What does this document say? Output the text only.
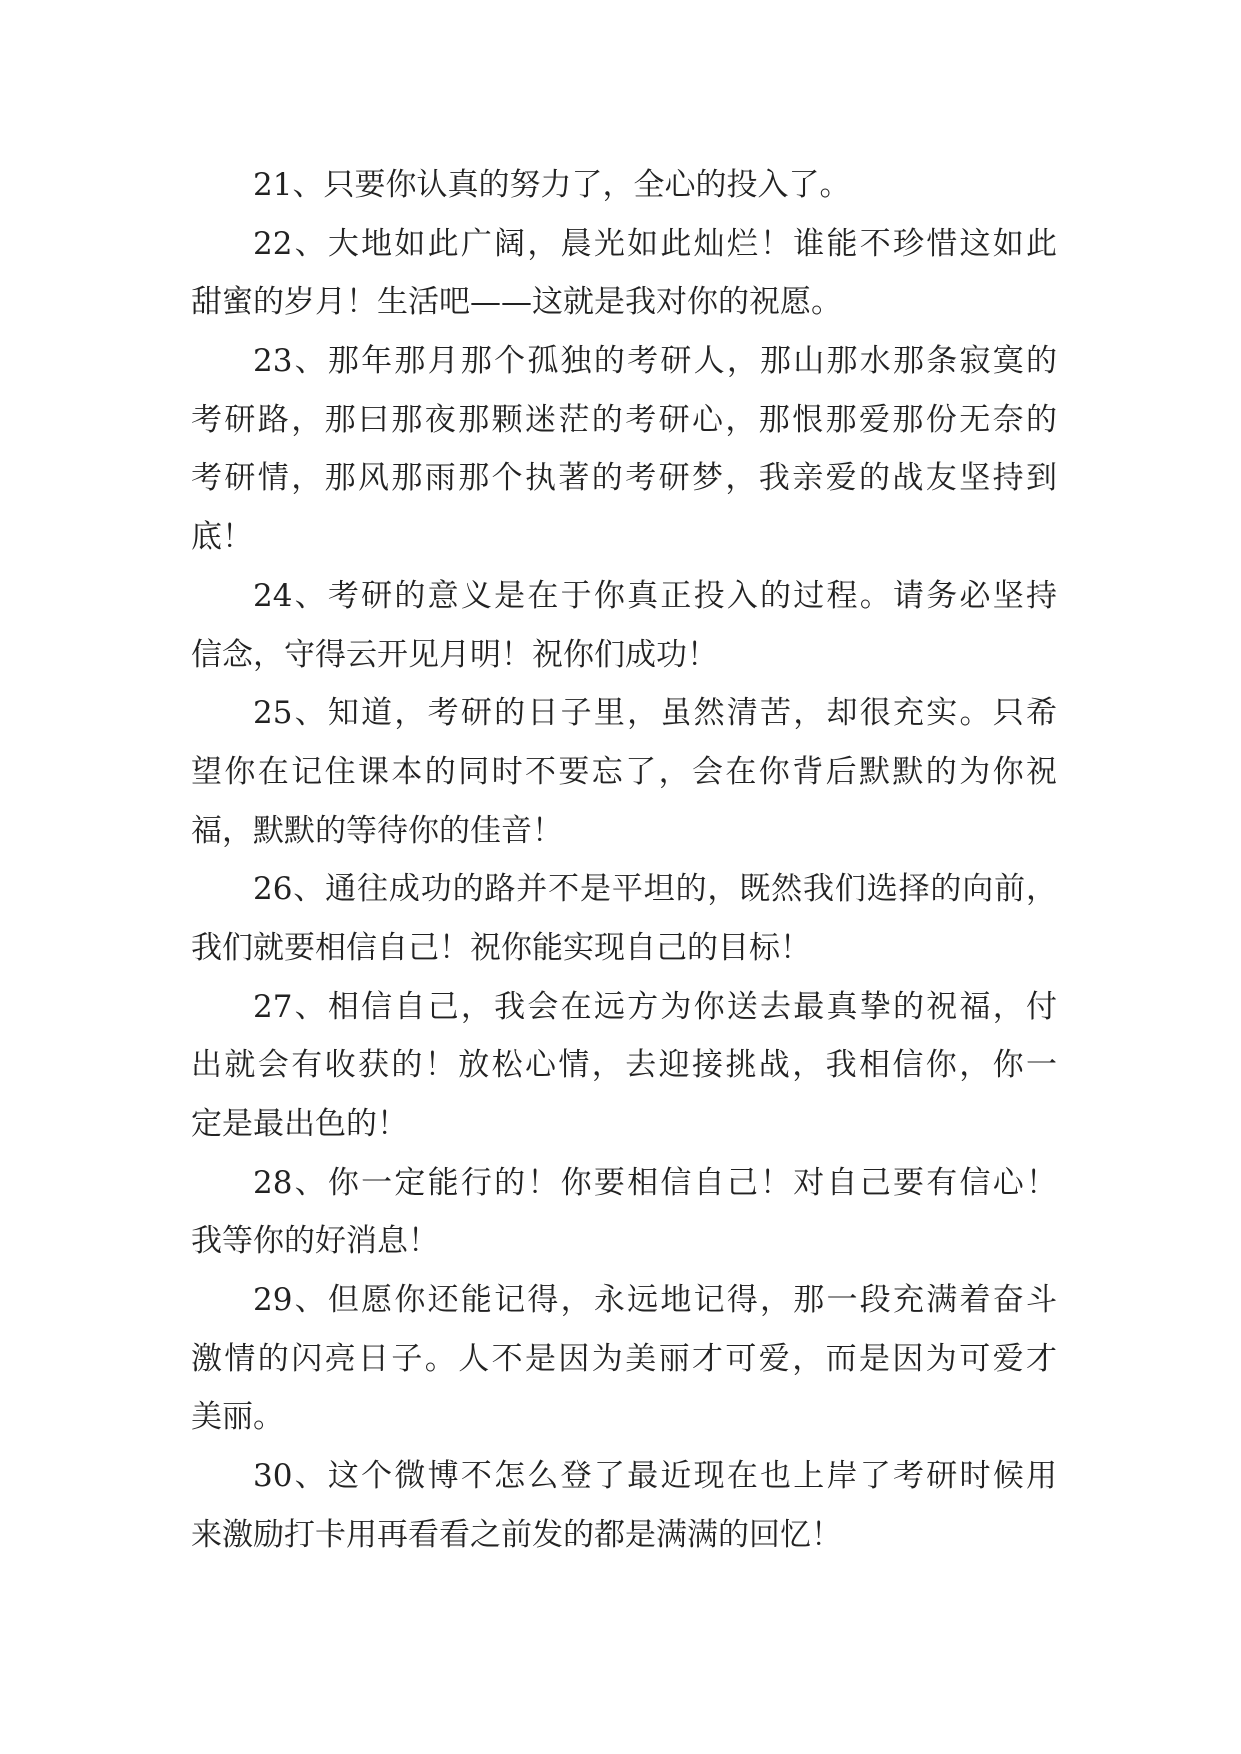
21、只要你认真的努力了，全心的投入了。
22、大地如此广阔，晨光如此灿烂！谁能不珍惜这如此
甜蜜的岁月！生活吧——这就是我对你的祝愿。
23、那年那月那个孤独的考研人，那山那水那条寂寞的
考研路，那曰那夜那颗迷茫的考研心，那恨那爱那份无奈的
考研情，那风那雨那个执著的考研梦，我亲爱的战友坚持到
底！
24、考研的意义是在于你真正投入的过程。请务必坚持
信念，守得云开见月明！祝你们成功！
25、知道，考研的日子里，虽然清苦，却很充实。只希
望你在记住课本的同时不要忘了，会在你背后默默的为你祝
福，默默的等待你的佳音！
26、通往成功的路并不是平坦的，既然我们选择的向前，
我们就要相信自己！祝你能实现自己的目标！
27、相信自己，我会在远方为你送去最真挚的祝福，付
出就会有收获的！放松心情，去迎接挑战，我相信你，你一
定是最出色的！
28、你一定能行的！你要相信自己！对自己要有信心！
我等你的好消息！
29、但愿你还能记得，永远地记得，那一段充满着奋斗
激情的闪亮日子。人不是因为美丽才可爱，而是因为可爱才
美丽。
30、这个微博不怎么登了最近现在也上岸了考研时候用
来激励打卡用再看看之前发的都是满满的回忆！
